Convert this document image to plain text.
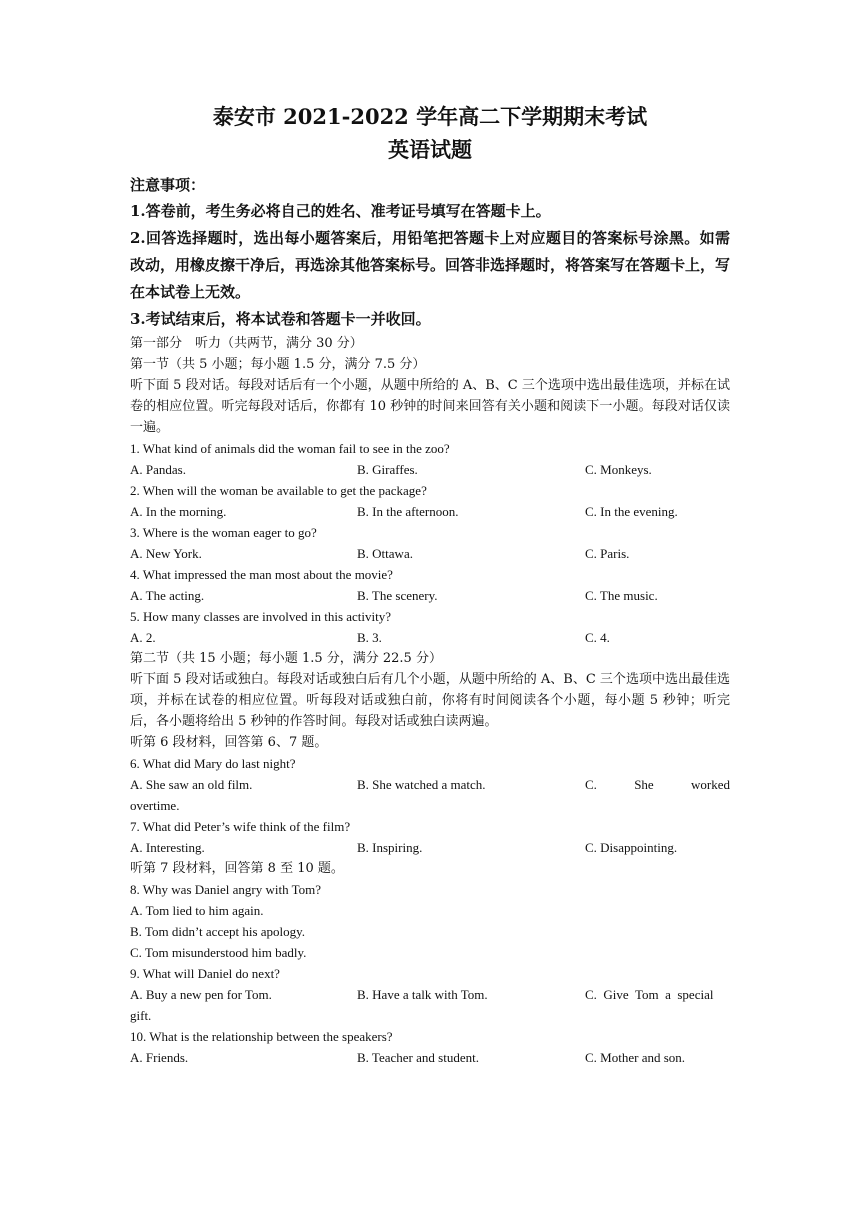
泰安市 2021-2022 学年高二下学期期末考试
英语试题
注意事项：
1.答卷前，考生务必将自己的姓名、准考证号填写在答题卡上。
2.回答选择题时，选出每小题答案后，用铅笔把答题卡上对应题目的答案标号涂黑。如需改动，用橡皮擦干净后，再选涂其他答案标号。回答非选择题时，将答案写在答题卡上，写在本试卷上无效。
3.考试结束后，将本试卷和答题卡一并收回。
第一部分　听力（共两节，满分 30 分）
第一节（共 5 小题；每小题 1.5 分，满分 7.5 分）
听下面 5 段对话。每段对话后有一个小题，从题中所给的 A、B、C 三个选项中选出最佳选项，并标在试卷的相应位置。听完每段对话后，你都有 10 秒钟的时间来回答有关小题和阅读下一小题。每段对话仅读一遍。
1. What kind of animals did the woman fail to see in the zoo?
A. Pandas.	B. Giraffes.	C. Monkeys.
2. When will the woman be available to get the package?
A. In the morning.	B. In the afternoon.	C. In the evening.
3. Where is the woman eager to go?
A. New York.	B. Ottawa.	C. Paris.
4. What impressed the man most about the movie?
A. The acting.	B. The scenery.	C. The music.
5. How many classes are involved in this activity?
A. 2.	B. 3.	C. 4.
第二节（共 15 小题；每小题 1.5 分，满分 22.5 分）
听下面 5 段对话或独白。每段对话或独白后有几个小题，从题中所给的 A、B、C 三个选项中选出最佳选项，并标在试卷的相应位置。听每段对话或独白前，你将有时间阅读各个小题，每小题 5 秒钟；听完后，各小题将给出 5 秒钟的作答时间。每段对话或独白读两遍。
听第 6 段材料，回答第 6、7 题。
6. What did Mary do last night?
A. She saw an old film.	B. She watched a match.	C.	She	worked
overtime.
7. What did Peter’s wife think of the film?
A. Interesting.	B. Inspiring.	C. Disappointing.
听第 7 段材料，回答第 8 至 10 题。
8. Why was Daniel angry with Tom?
A. Tom lied to him again.
B. Tom didn’t accept his apology.
C. Tom misunderstood him badly.
9. What will Daniel do next?
A. Buy a new pen for Tom.	B. Have a talk with Tom.	C.  Give  Tom  a  special
gift.
10. What is the relationship between the speakers?
A. Friends.	B. Teacher and student.	C. Mother and son.
